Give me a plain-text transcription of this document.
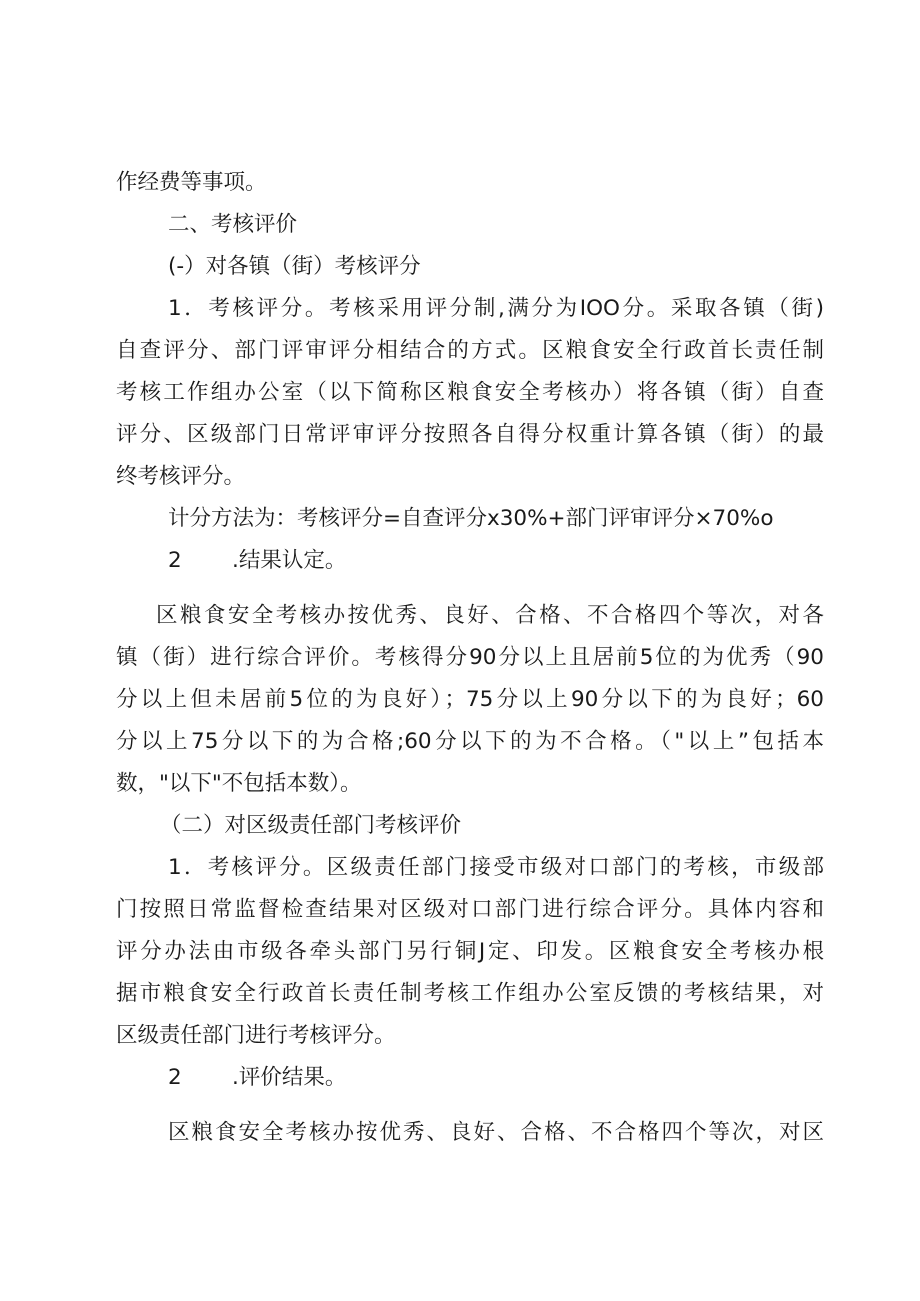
作经费等事项。

二、考核评价

(-）对各镇（街）考核评分

1．考核评分。考核采用评分制,满分为IOO分。采取各镇（街)

自查评分、部门评审评分相结合的方式。区粮食安全行政首长责任制

考核工作组办公室（以下简称区粮食安全考核办）将各镇（街）自查

评分、区级部门日常评审评分按照各自得分权重计算各镇（街）的最

终考核评分。

计分方法为：考核评分=自查评分x30%+部门评审评分×70%o

2 .结果认定。

区粮食安全考核办按优秀、良好、合格、不合格四个等次，对各

镇（街）进行综合评价。考核得分90分以上且居前5位的为优秀（90

分以上但未居前5位的为良好）；75分以上90分以下的为良好；60

分以上75分以下的为合格;60分以下的为不合格。（"以上”包括本

数，"以下"不包括本数）。

（二）对区级责任部门考核评价

1．考核评分。区级责任部门接受市级对口部门的考核，市级部

门按照日常监督检查结果对区级对口部门进行综合评分。具体内容和

评分办法由市级各牵头部门另行铜J定、印发。区粮食安全考核办根

据市粮食安全行政首长责任制考核工作组办公室反馈的考核结果，对

区级责任部门进行考核评分。

2 .评价结果。

区粮食安全考核办按优秀、良好、合格、不合格四个等次，对区
